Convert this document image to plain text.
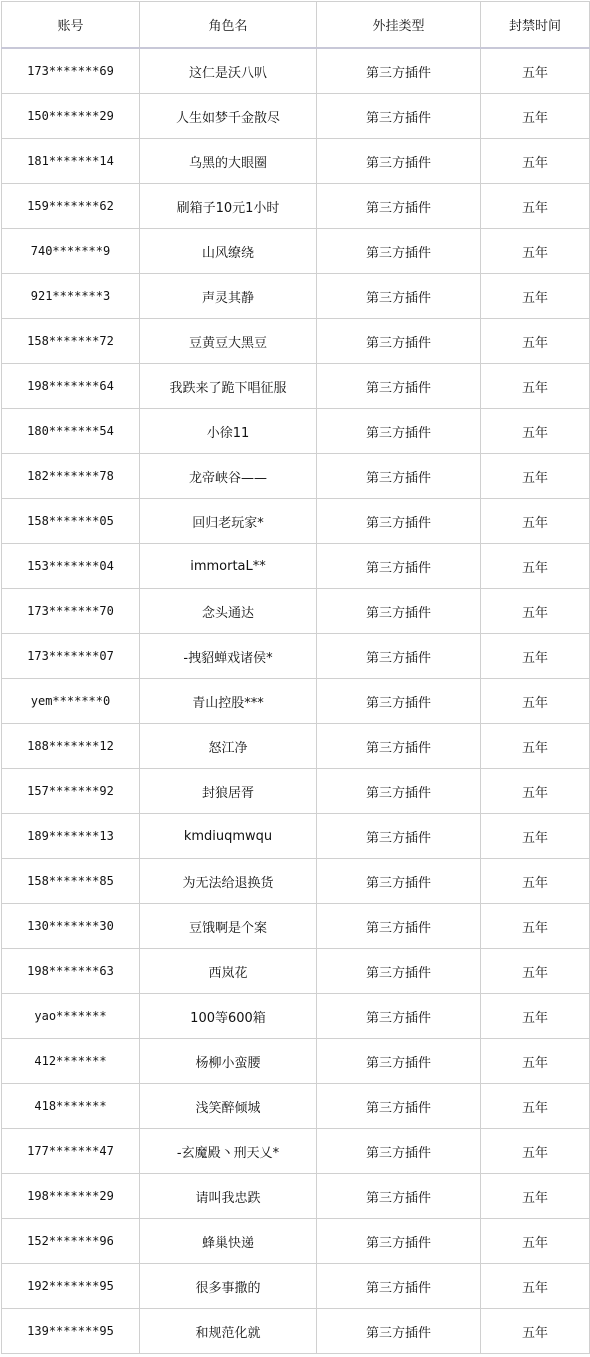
账号	角色名	外挂类型	封禁时间
173*******69	这仁是沃八叭	第三方插件	五年
150*******29	人生如梦千金散尽	第三方插件	五年
181*******14	乌黑的大眼圈	第三方插件	五年
159*******62	刷箱子10元1小时	第三方插件	五年
740*******9	山风缭绕	第三方插件	五年
921*******3	声灵其静	第三方插件	五年
158*******72	豆黄豆大黑豆	第三方插件	五年
198*******64	我跌来了跪下唱征服	第三方插件	五年
180*******54	小徐11	第三方插件	五年
182*******78	龙帝峡谷——	第三方插件	五年
158*******05	回归老玩家*	第三方插件	五年
153*******04	immortaL**	第三方插件	五年
173*******70	念头通达	第三方插件	五年
173*******07	-拽貂蝉戏诸侯*	第三方插件	五年
yem*******0	青山控股***	第三方插件	五年
188*******12	怒江净	第三方插件	五年
157*******92	封狼居胥	第三方插件	五年
189*******13	kmdiuqmwqu	第三方插件	五年
158*******85	为无法给退换货	第三方插件	五年
130*******30	豆饿啊是个案	第三方插件	五年
198*******63	西岚花	第三方插件	五年
yao*******	100等600箱	第三方插件	五年
412*******	杨柳小蛮腰	第三方插件	五年
418*******	浅笑醉倾城	第三方插件	五年
177*******47	-玄魔殿丶刑天乂*	第三方插件	五年
198*******29	请叫我忠跌	第三方插件	五年
152*******96	蜂巢快递	第三方插件	五年
192*******95	很多事撒的	第三方插件	五年
139*******95	和规范化就	第三方插件	五年
